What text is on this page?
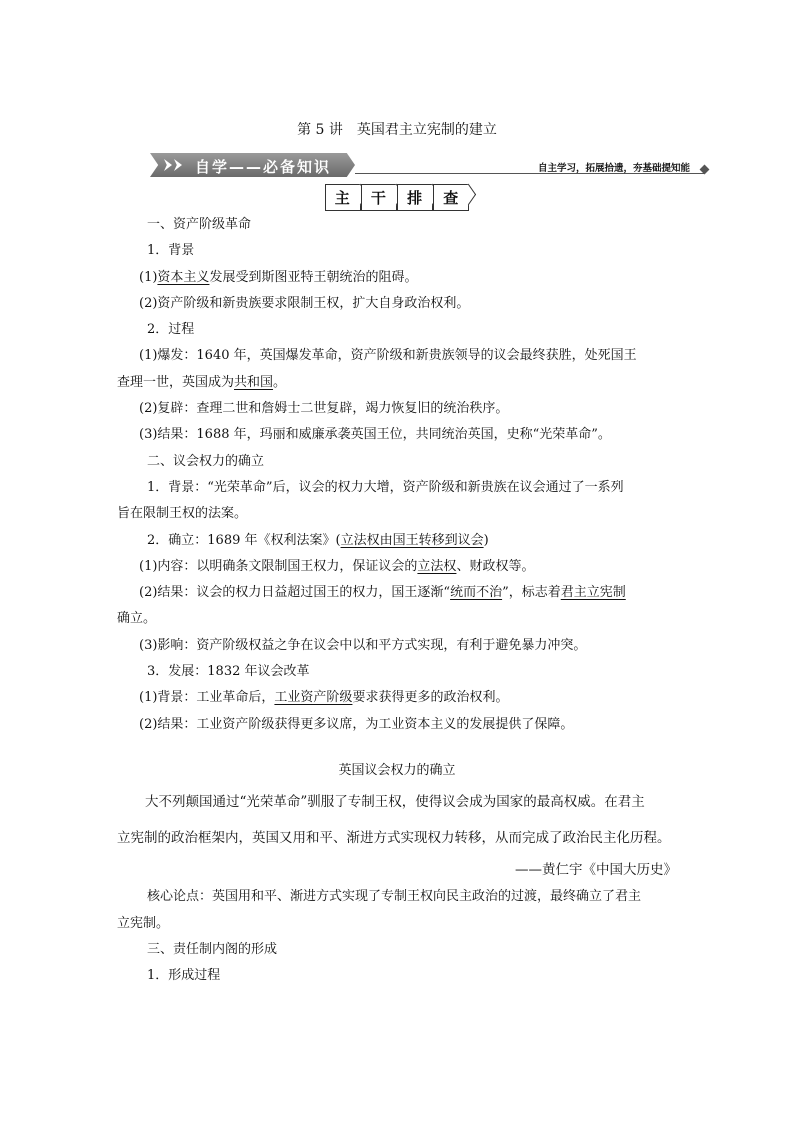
第 5 讲　英国君主立宪制的建立
自学——必备知识	自主学习，拓展拾遗，夯基础提知能
主 干 排 查
一、资产阶级革命
1．背景
(1)资本主义发展受到斯图亚特王朝统治的阻碍。
(2)资产阶级和新贵族要求限制王权，扩大自身政治权利。
2．过程
(1)爆发：1640 年，英国爆发革命，资产阶级和新贵族领导的议会最终获胜，处死国王
查理一世，英国成为共和国。
(2)复辟：查理二世和詹姆士二世复辟，竭力恢复旧的统治秩序。
(3)结果：1688 年，玛丽和威廉承袭英国王位，共同统治英国，史称“光荣革命”。
二、议会权力的确立
1．背景：“光荣革命”后，议会的权力大增，资产阶级和新贵族在议会通过了一系列
旨在限制王权的法案。
2．确立：1689 年《权利法案》(立法权由国王转移到议会)
(1)内容：以明确条文限制国王权力，保证议会的立法权、财政权等。
(2)结果：议会的权力日益超过国王的权力，国王逐渐“统而不治”，标志着君主立宪制
确立。
(3)影响：资产阶级权益之争在议会中以和平方式实现，有利于避免暴力冲突。
3．发展：1832 年议会改革
(1)背景：工业革命后，工业资产阶级要求获得更多的政治权利。
(2)结果：工业资产阶级获得更多议席，为工业资本主义的发展提供了保障。
英国议会权力的确立
大不列颠国通过“光荣革命”驯服了专制王权，使得议会成为国家的最高权威。在君主
立宪制的政治框架内，英国又用和平、渐进方式实现权力转移，从而完成了政治民主化历程。
——黄仁宇《中国大历史》
核心论点：英国用和平、渐进方式实现了专制王权向民主政治的过渡，最终确立了君主
立宪制。
三、责任制内阁的形成
1．形成过程
